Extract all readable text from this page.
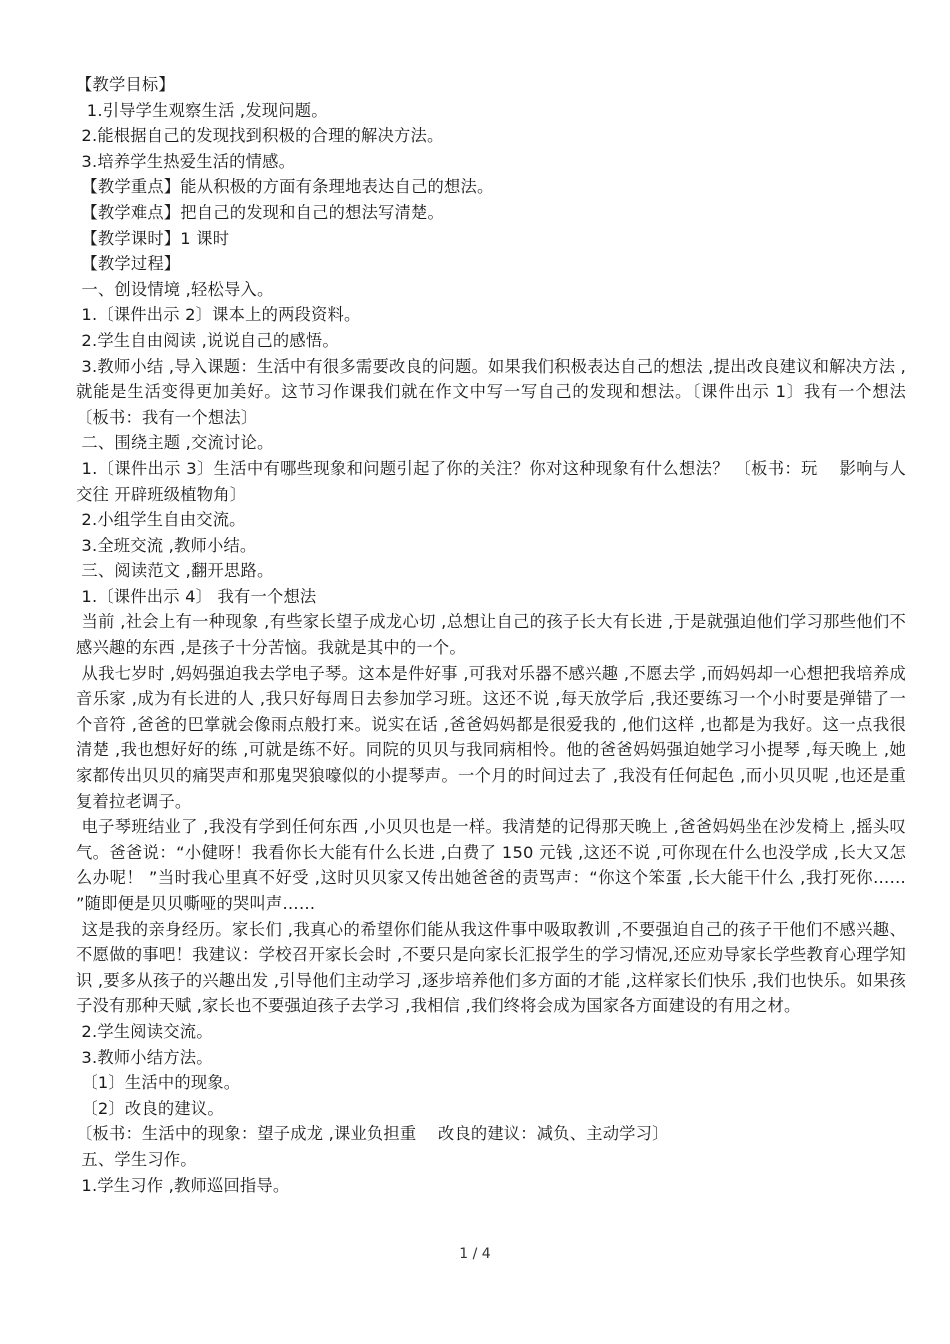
【教学目标】

1.引导学生观察生活 ,发现问题。

2.能根据自己的发现找到积极的合理的解决方法。

3.培养学生热爱生活的情感。

【教学重点】能从积极的方面有条理地表达自己的想法。

【教学难点】把自己的发现和自己的想法写清楚。

【教学课时】1 课时

【教学过程】

一、创设情境 ,轻松导入。

1.〔课件出示 2〕课本上的两段资料。

2.学生自由阅读 ,说说自己的感悟。

3.教师小结 ,导入课题：生活中有很多需要改良的问题。如果我们积极表达自己的想法 ,提出改良建议和解决方法 ,就能是生活变得更加美好。这节习作课我们就在作文中写一写自己的发现和想法。〔课件出示 1〕我有一个想法〔板书：我有一个想法〕

二、围绕主题 ,交流讨论。

1.〔课件出示 3〕生活中有哪些现象和问题引起了你的关注？你对这种现象有什么想法？ 〔板书：玩    影响与人交往 开辟班级植物角〕

2.小组学生自由交流。

3.全班交流 ,教师小结。

三、阅读范文 ,翻开思路。

1.〔课件出示 4〕 我有一个想法

当前 ,社会上有一种现象 ,有些家长望子成龙心切 ,总想让自己的孩子长大有长进 ,于是就强迫他们学习那些他们不感兴趣的东西 ,是孩子十分苦恼。我就是其中的一个。

从我七岁时 ,妈妈强迫我去学电子琴。这本是件好事 ,可我对乐器不感兴趣 ,不愿去学 ,而妈妈却一心想把我培养成音乐家 ,成为有长进的人 ,我只好每周日去参加学习班。这还不说 ,每天放学后 ,我还要练习一个小时要是弹错了一个音符 ,爸爸的巴掌就会像雨点般打来。说实在话 ,爸爸妈妈都是很爱我的 ,他们这样 ,也都是为我好。这一点我很清楚 ,我也想好好的练 ,可就是练不好。同院的贝贝与我同病相怜。他的爸爸妈妈强迫她学习小提琴 ,每天晚上 ,她家都传出贝贝的痛哭声和那鬼哭狼嚎似的小提琴声。一个月的时间过去了 ,我没有任何起色 ,而小贝贝呢 ,也还是重复着拉老调子。

电子琴班结业了 ,我没有学到任何东西 ,小贝贝也是一样。我清楚的记得那天晚上 ,爸爸妈妈坐在沙发椅上 ,摇头叹气。爸爸说：“小健呀！我看你长大能有什么长进 ,白费了 150 元钱 ,这还不说 ,可你现在什么也没学成 ,长大又怎么办呢！ ”当时我心里真不好受 ,这时贝贝家又传出她爸爸的责骂声：“你这个笨蛋 ,长大能干什么 ,我打死你…… ”随即便是贝贝嘶哑的哭叫声……

这是我的亲身经历。家长们 ,我真心的希望你们能从我这件事中吸取教训 ,不要强迫自己的孩子干他们不感兴趣、不愿做的事吧！我建议：学校召开家长会时 ,不要只是向家长汇报学生的学习情况,还应劝导家长学些教育心理学知识 ,要多从孩子的兴趣出发 ,引导他们主动学习 ,逐步培养他们多方面的才能 ,这样家长们快乐 ,我们也快乐。如果孩子没有那种天赋 ,家长也不要强迫孩子去学习 ,我相信 ,我们终将会成为国家各方面建设的有用之材。

2.学生阅读交流。

3.教师小结方法。

〔1〕生活中的现象。

〔2〕改良的建议。

〔板书：生活中的现象：望子成龙 ,课业负担重    改良的建议：减负、主动学习〕

五、学生习作。

1.学生习作 ,教师巡回指导。

1 / 4
